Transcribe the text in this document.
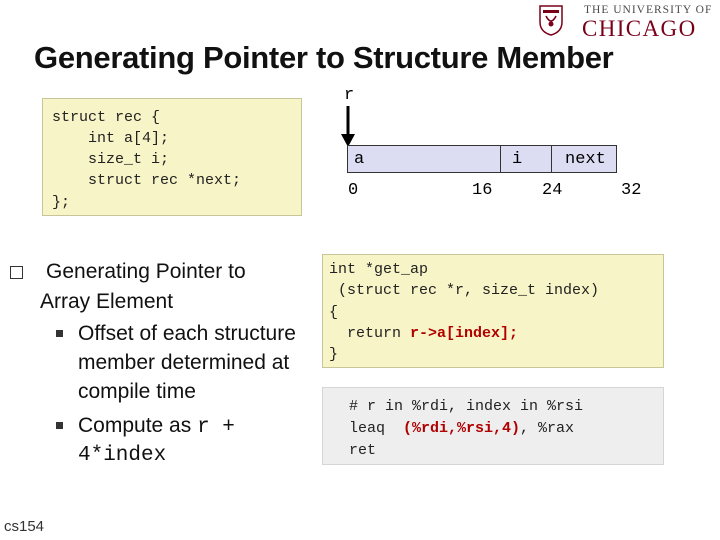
THE UNIVERSITY OF
CHICAGO
Generating Pointer to Structure Member
struct rec {
int a[4];
size_t i;
struct rec *next;
};
r
a	i	next
0	16	24	32
Generating Pointer to
Array Element
Offset of each structure
member determined at
compile time
Compute as r +
4*index
int *get_ap
(struct rec *r, size_t index)
{
return r->a[index];
}
# r in %rdi, index in %rsi
leaq  (%rdi,%rsi,4), %rax
ret
cs154
